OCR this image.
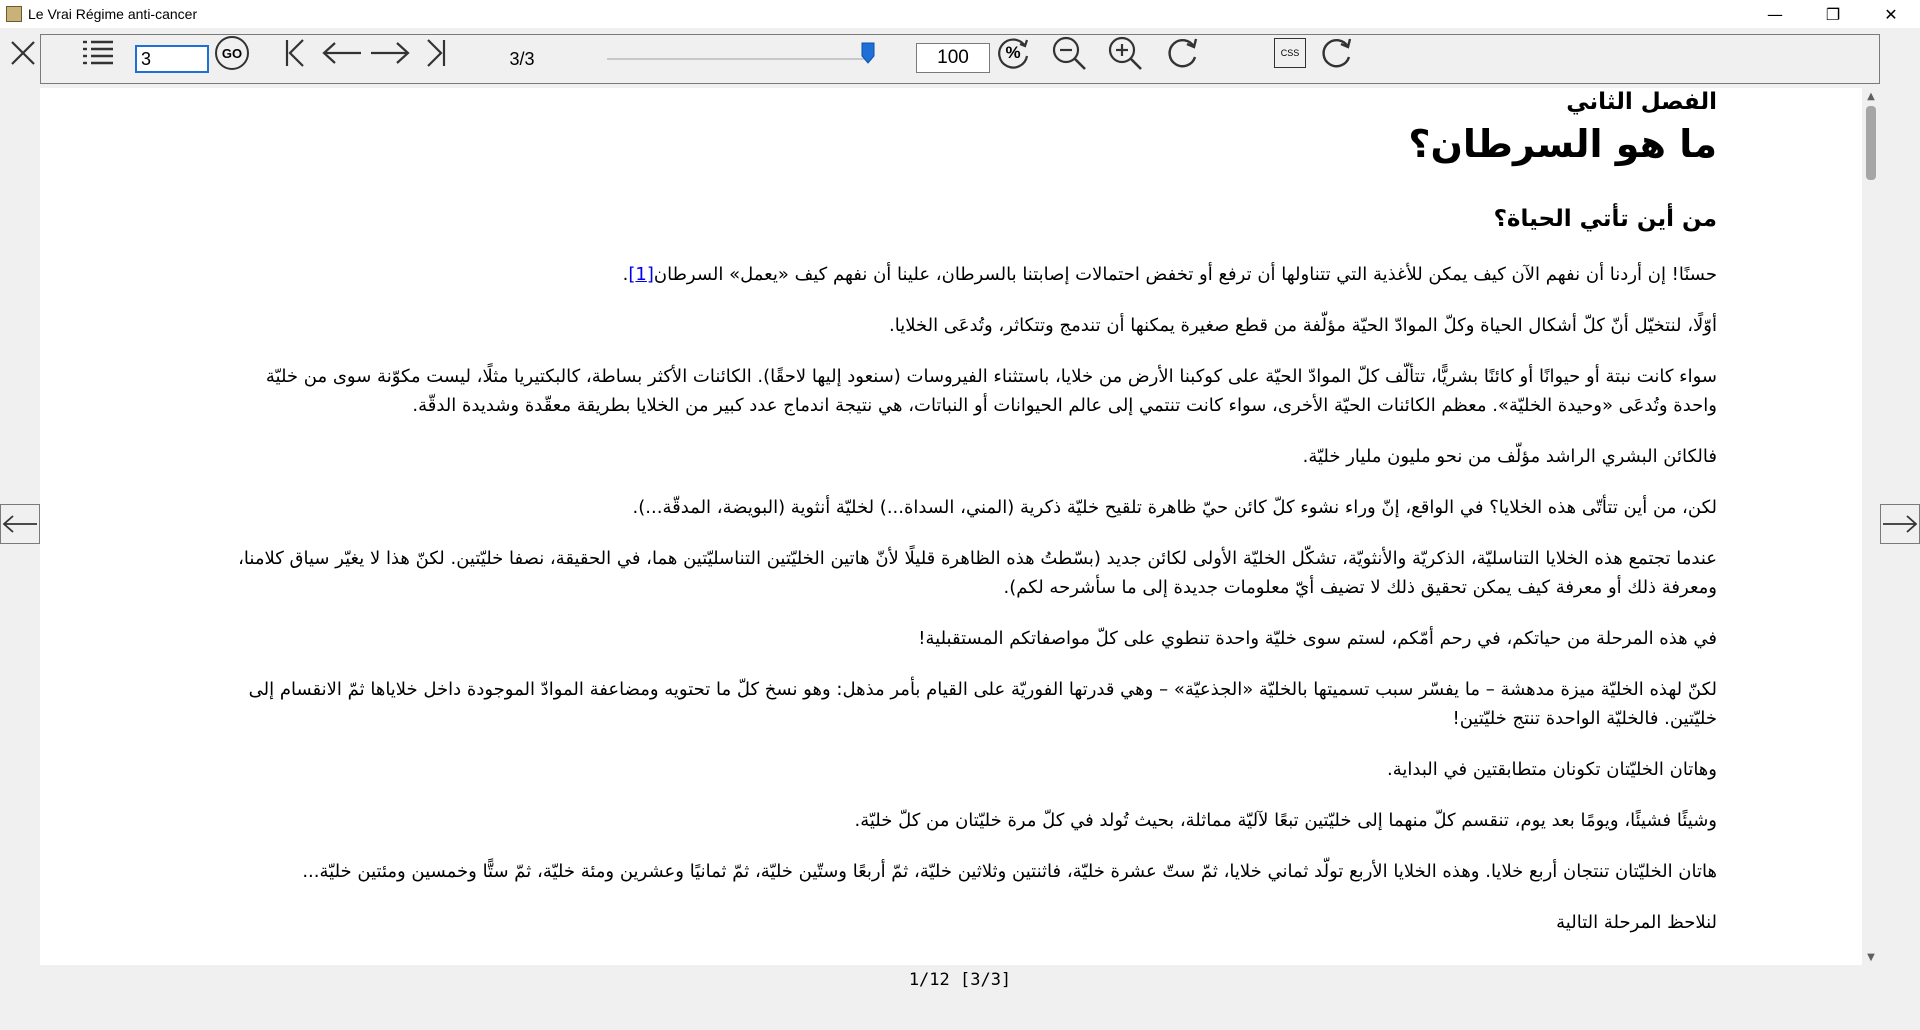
Le Vrai Régime anti-cancer	—	❐	✕
3
GO	3/3
100	%	CSS
الفصل الثاني
ما هو السرطان؟
من أين تأتي الحياة؟

حسنًا! إن أردنا أن نفهم الآن كيف يمكن للأغذية التي تتناولها أن ترفع أو تخفض احتمالات إصابتنا بالسرطان، علينا أن نفهم كيف «يعمل» السرطان[1].

أوّلًا، لنتخيّل أنّ كلّ أشكال الحياة وكلّ الموادّ الحيّة مؤلّفة من قطع صغيرة يمكنها أن تندمج وتتكاثر، وتُدعَى الخلايا.

سواء كانت نبتة أو حيوانًا أو كائنًا بشريًّا، تتألّف كلّ الموادّ الحيّة على كوكبنا الأرض من خلايا، باستثناء الفيروسات (سنعود إليها لاحقًا). الكائنات الأكثر بساطة، كالبكتيريا مثلًا، ليست مكوّنة سوى من خليّة واحدة وتُدعَى «وحيدة الخليّة». معظم الكائنات الحيّة الأخرى، سواء كانت تنتمي إلى عالم الحيوانات أو النباتات، هي نتيجة اندماج عدد كبير من الخلايا بطريقة معقّدة وشديدة الدقّة.

فالكائن البشري الراشد مؤلّف من نحو مليون مليار خليّة.

لكن، من أين تتأتّى هذه الخلايا؟ في الواقع، إنّ وراء نشوء كلّ كائن حيّ ظاهرة تلقيح خليّة ذكرية (المني، السداة...) لخليّة أنثوية (البويضة، المدقّة...).

عندما تجتمع هذه الخلايا التناسليّة، الذكريّة والأنثويّة، تشكّل الخليّة الأولى لكائن جديد (بسّطتُ هذه الظاهرة قليلًا لأنّ هاتين الخليّتين التناسليّتين هما، في الحقيقة، نصفا خليّتين. لكنّ هذا لا يغيّر سياق كلامنا، ومعرفة ذلك أو معرفة كيف يمكن تحقيق ذلك لا تضيف أيّ معلومات جديدة إلى ما سأشرحه لكم).

في هذه المرحلة من حياتكم، في رحم أمّكم، لستم سوى خليّة واحدة تنطوي على كلّ مواصفاتكم المستقبلية!

لكنّ لهذه الخليّة ميزة مدهشة – ما يفسّر سبب تسميتها بالخليّة «الجذعيّة» – وهي قدرتها الفوريّة على القيام بأمر مذهل: وهو نسخ كلّ ما تحتويه ومضاعفة الموادّ الموجودة داخل خلاياها ثمّ الانقسام إلى خليّتين. فالخليّة الواحدة تنتج خليّتين!

وهاتان الخليّتان تكونان متطابقتين في البداية.

وشيئًا فشيئًا، ويومًا بعد يوم، تنقسم كلّ منهما إلى خليّتين تبعًا لآليّة مماثلة، بحيث تُولد في كلّ مرة خليّتان من كلّ خليّة.

هاتان الخليّتان تنتجان أربع خلايا. وهذه الخلايا الأربع تولّد ثماني خلايا، ثمّ ستّ عشرة خليّة، فاثنتين وثلاثين خليّة، ثمّ أربعًا وستّين خليّة، ثمّ ثمانيًا وعشرين ومئة خليّة، ثمّ ستًّا وخمسين ومئتين خليّة...

لنلاحظ المرحلة التالية

▲
▼
1/12 [3/3]
